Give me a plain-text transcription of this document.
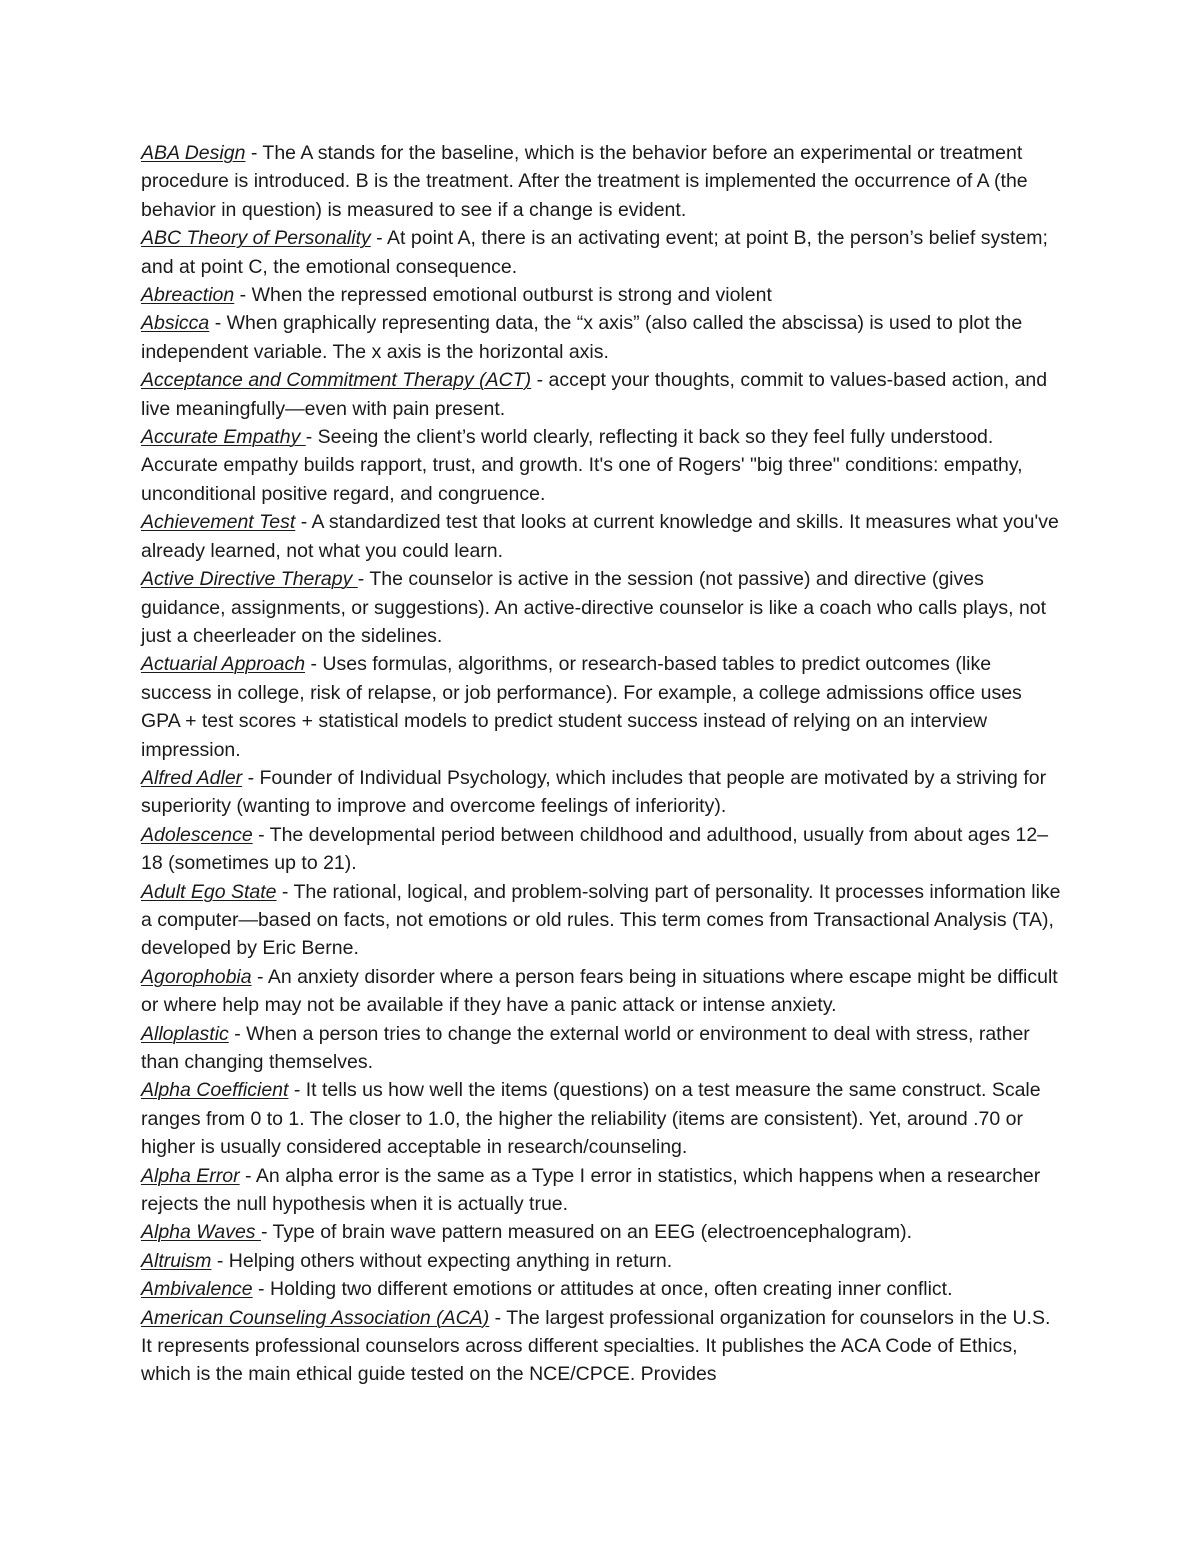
ABA Design - The A stands for the baseline, which is the behavior before an experimental or treatment procedure is introduced. B is the treatment. After the treatment is implemented the occurrence of A (the behavior in question) is measured to see if a change is evident.

ABC Theory of Personality - At point A, there is an activating event; at point B, the person’s belief system; and at point C, the emotional consequence.

Abreaction - When the repressed emotional outburst is strong and violent

Absicca - When graphically representing data, the “x axis” (also called the abscissa) is used to plot the independent variable. The x axis is the horizontal axis.

Acceptance and Commitment Therapy (ACT) - accept your thoughts, commit to values-based action, and live meaningfully—even with pain present.

Accurate Empathy - Seeing the client’s world clearly, reflecting it back so they feel fully understood. Accurate empathy builds rapport, trust, and growth. It's one of Rogers' "big three" conditions: empathy, unconditional positive regard, and congruence.

Achievement Test - A standardized test that looks at current knowledge and skills. It measures what you've already learned, not what you could learn.

Active Directive Therapy - The counselor is active in the session (not passive) and directive (gives guidance, assignments, or suggestions). An active-directive counselor is like a coach who calls plays, not just a cheerleader on the sidelines.

Actuarial Approach - Uses formulas, algorithms, or research-based tables to predict outcomes (like success in college, risk of relapse, or job performance). For example, a college admissions office uses GPA + test scores + statistical models to predict student success instead of relying on an interview impression.

Alfred Adler - Founder of Individual Psychology, which includes that people are motivated by a striving for superiority (wanting to improve and overcome feelings of inferiority).

Adolescence - The developmental period between childhood and adulthood, usually from about ages 12–18 (sometimes up to 21).

Adult Ego State - The rational, logical, and problem-solving part of personality. It processes information like a computer—based on facts, not emotions or old rules. This term comes from Transactional Analysis (TA), developed by Eric Berne.

Agorophobia - An anxiety disorder where a person fears being in situations where escape might be difficult or where help may not be available if they have a panic attack or intense anxiety.

Alloplastic - When a person tries to change the external world or environment to deal with stress, rather than changing themselves.

Alpha Coefficient - It tells us how well the items (questions) on a test measure the same construct. Scale ranges from 0 to 1. The closer to 1.0, the higher the reliability (items are consistent). Yet, around .70 or higher is usually considered acceptable in research/counseling.

Alpha Error - An alpha error is the same as a Type I error in statistics, which happens when a researcher rejects the null hypothesis when it is actually true.

Alpha Waves - Type of brain wave pattern measured on an EEG (electroencephalogram).

Altruism - Helping others without expecting anything in return.

Ambivalence - Holding two different emotions or attitudes at once, often creating inner conflict.

American Counseling Association (ACA) - The largest professional organization for counselors in the U.S. It represents professional counselors across different specialties. It publishes the ACA Code of Ethics, which is the main ethical guide tested on the NCE/CPCE. Provides
